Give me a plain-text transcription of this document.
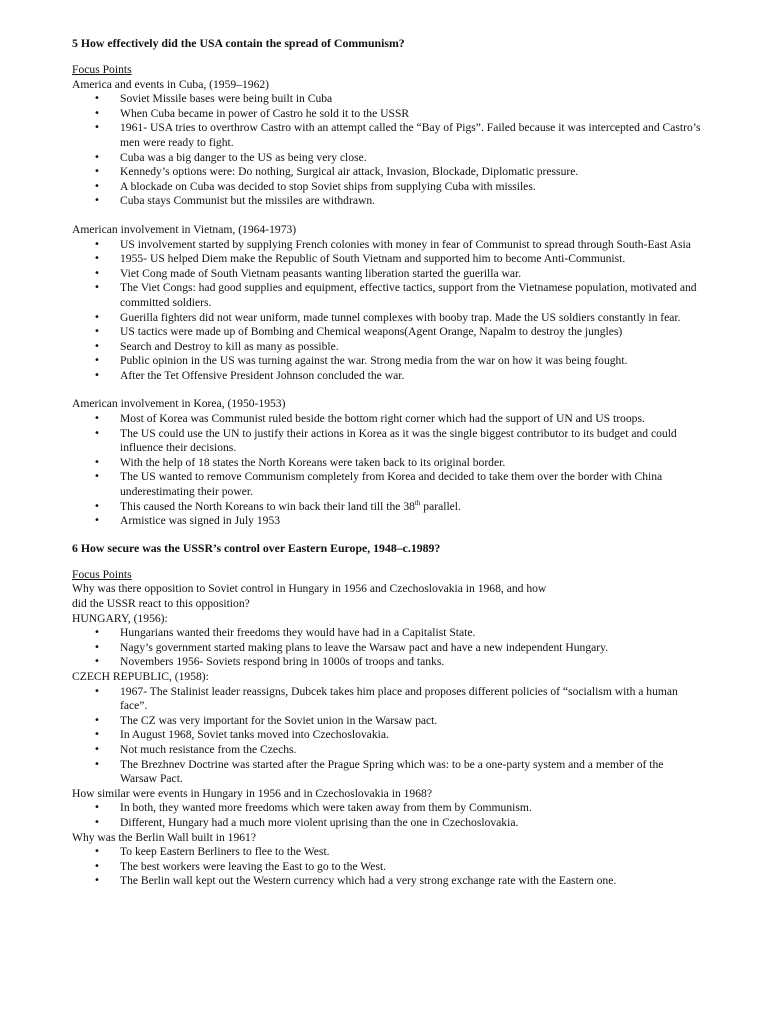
5 How effectively did the USA contain the spread of Communism?

Focus Points

America and events in Cuba, (1959–1962)

• Soviet Missile bases were being built in Cuba
• When Cuba became in power of Castro he sold it to the USSR
• 1961- USA tries to overthrow Castro with an attempt called the “Bay of Pigs”. Failed because it was intercepted and Castro’s men were ready to fight.
• Cuba was a big danger to the US as being very close.
• Kennedy’s options were: Do nothing, Surgical air attack, Invasion, Blockade, Diplomatic pressure.
• A blockade on Cuba was decided to stop Soviet ships from supplying Cuba with missiles.
• Cuba stays Communist but the missiles are withdrawn.

American involvement in Vietnam, (1964-1973)

• US involvement started by supplying French colonies with money in fear of Communist to spread through South-East Asia
• 1955- US helped Diem make the Republic of South Vietnam and supported him to become Anti-Communist.
• Viet Cong made of South Vietnam peasants wanting liberation started the guerilla war.
• The Viet Congs: had good supplies and equipment, effective tactics, support from the Vietnamese population, motivated and committed soldiers.
• Guerilla fighters did not wear uniform, made tunnel complexes with booby trap. Made the US soldiers constantly in fear.
• US tactics were made up of Bombing and Chemical weapons(Agent Orange, Napalm to destroy the jungles)
• Search and Destroy to kill as many as possible.
• Public opinion in the US was turning against the war. Strong media from the war on how it was being fought.
• After the Tet Offensive President Johnson concluded the war.

American involvement in Korea, (1950-1953)

• Most of Korea was Communist ruled beside the bottom right corner which had the support of UN and US troops.
• The US could use the UN to justify their actions in Korea as it was the single biggest contributor to its budget and could influence their decisions.
• With the help of 18 states the North Koreans were taken back to its original border.
• The US wanted to remove Communism completely from Korea and decided to take them over the border with China underestimating their power.
• This caused the North Koreans to win back their land till the 38th parallel.
• Armistice was signed in July 1953
6 How secure was the USSR’s control over Eastern Europe, 1948–c.1989?

Focus Points

Why was there opposition to Soviet control in Hungary in 1956 and Czechoslovakia in 1968, and how
did the USSR react to this opposition?

HUNGARY, (1956):

• Hungarians wanted their freedoms they would have had in a Capitalist State.
• Nagy’s government started making plans to leave the Warsaw pact and have a new independent Hungary.
• Novembers 1956- Soviets respond bring in 1000s of troops and tanks.

CZECH REPUBLIC, (1958):

• 1967- The Stalinist leader reassigns, Dubcek takes him place and proposes different policies of “socialism with a human face”.
• The CZ was very important for the Soviet union in the Warsaw pact.
• In August 1968, Soviet tanks moved into Czechoslovakia.
• Not much resistance from the Czechs.
• The Brezhnev Doctrine was started after the Prague Spring which was: to be a one-party system and a member of the Warsaw Pact.

How similar were events in Hungary in 1956 and in Czechoslovakia in 1968?

• In both, they wanted more freedoms which were taken away from them by Communism.
• Different, Hungary had a much more violent uprising than the one in Czechoslovakia.

Why was the Berlin Wall built in 1961?

• To keep Eastern Berliners to flee to the West.
• The best workers were leaving the East to go to the West.
• The Berlin wall kept out the Western currency which had a very strong exchange rate with the Eastern one.
